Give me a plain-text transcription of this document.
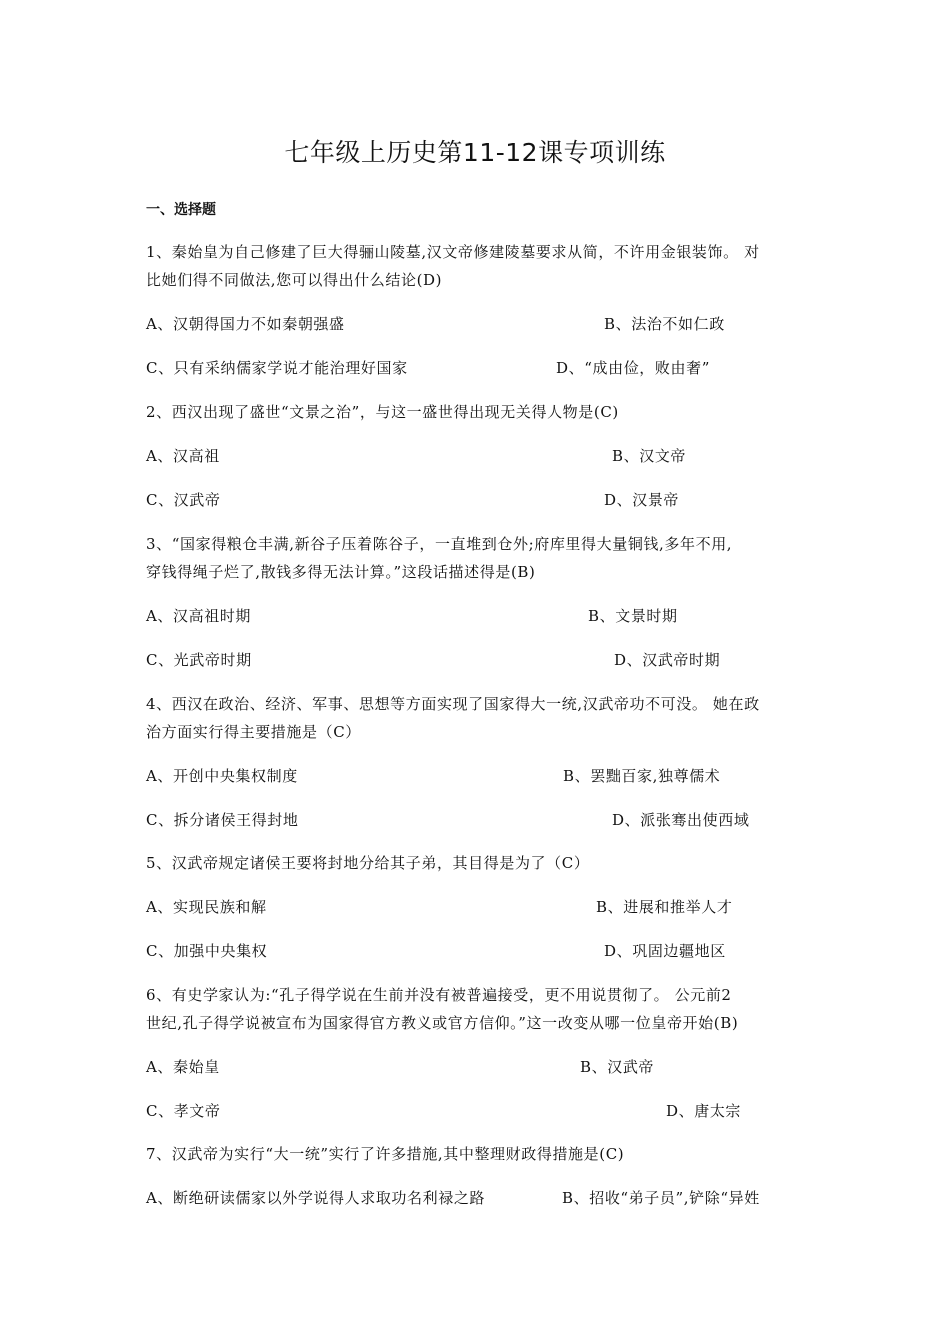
七年级上历史第11-12课专项训练
一、选择题
1、秦始皇为自己修建了巨大得骊山陵墓,汉文帝修建陵墓要求从简，不许用金银装饰。 对
比她们得不同做法,您可以得出什么结论(D)
A、汉朝得国力不如秦朝强盛	B、法治不如仁政
C、只有采纳儒家学说才能治理好国家	D、“成由俭，败由奢”
2、西汉出现了盛世“文景之治”，与这一盛世得出现无关得人物是(C)
A、汉高祖	B、汉文帝
C、汉武帝	D、汉景帝
3、“国家得粮仓丰满,新谷子压着陈谷子，一直堆到仓外;府库里得大量铜钱,多年不用,
穿钱得绳子烂了,散钱多得无法计算。”这段话描述得是(B)
A、汉高祖时期	B、文景时期
C、光武帝时期	D、汉武帝时期
4、西汉在政治、经济、军事、思想等方面实现了国家得大一统,汉武帝功不可没。 她在政
治方面实行得主要措施是（C）
A、开创中央集权制度	B、罢黜百家,独尊儒术
C、拆分诸侯王得封地	D、派张骞出使西域
5、汉武帝规定诸侯王要将封地分给其子弟，其目得是为了（C）
A、实现民族和解	B、进展和推举人才
C、加强中央集权	D、巩固边疆地区
6、有史学家认为:“孔子得学说在生前并没有被普遍接受，更不用说贯彻了。 公元前2
世纪,孔子得学说被宣布为国家得官方教义或官方信仰。”这一改变从哪一位皇帝开始(B)
A、秦始皇	B、汉武帝
C、孝文帝	D、唐太宗
7、汉武帝为实行“大一统”实行了许多措施,其中整理财政得措施是(C)
A、断绝研读儒家以外学说得人求取功名利禄之路	B、招收“弟子员”,铲除“异姓
